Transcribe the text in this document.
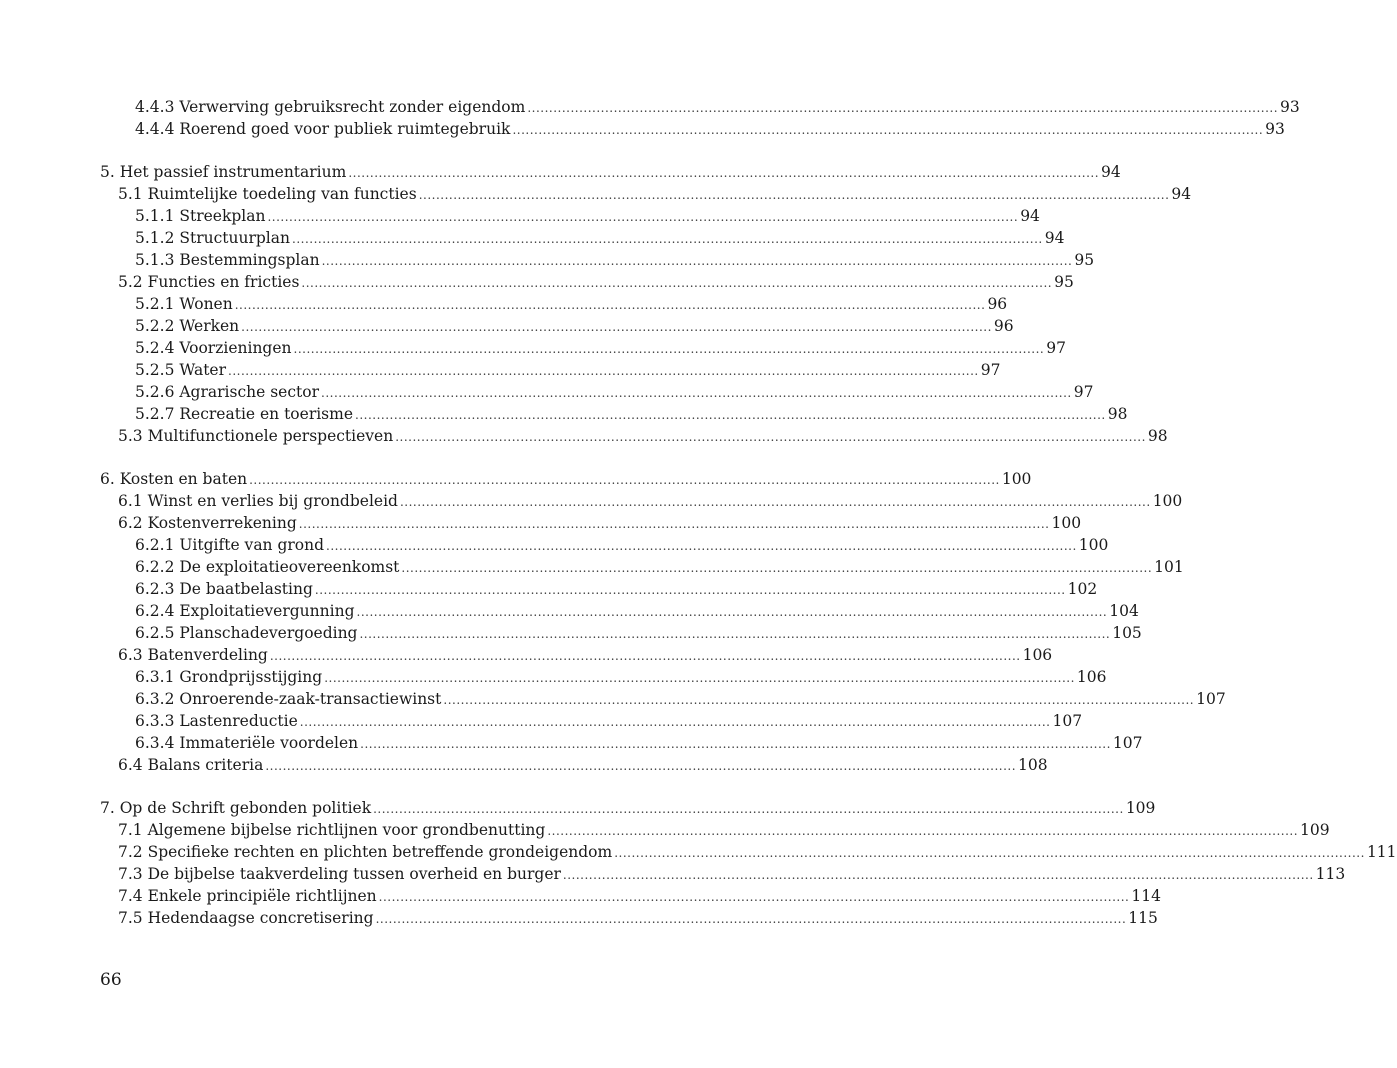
4.4.3 Verwerving gebruiksrecht zonder eigendom .....	93
4.4.4 Roerend goed voor publiek ruimtegebruik .....	93
5. Het passief instrumentarium .....	94
5.1 Ruimtelijke toedeling van functies .....	94
5.1.1 Streekplan .....	94
5.1.2 Structuurplan .....	94
5.1.3 Bestemmingsplan .....	95
5.2 Functies en fricties .....	95
5.2.1 Wonen .....	96
5.2.2 Werken .....	96
5.2.4 Voorzieningen .....	97
5.2.5 Water .....	97
5.2.6 Agrarische sector .....	97
5.2.7 Recreatie en toerisme .....	98
5.3 Multifunctionele perspectieven .....	98
6. Kosten en baten .....	100
6.1 Winst en verlies bij grondbeleid .....	100
6.2 Kostenverrekening .....	100
6.2.1 Uitgifte van grond .....	100
6.2.2 De exploitatieovereenkomst .....	101
6.2.3 De baatbelasting .....	102
6.2.4 Exploitatievergunning .....	104
6.2.5 Planschadevergoeding .....	105
6.3 Batenverdeling .....	106
6.3.1 Grondprijsstijging .....	106
6.3.2 Onroerende-zaak-transactiewinst .....	107
6.3.3 Lastenreductie .....	107
6.3.4 Immateriële voordelen .....	107
6.4 Balans criteria .....	108
7. Op de Schrift gebonden politiek .....	109
7.1 Algemene bijbelse richtlijnen voor grondbenutting .....	109
7.2 Specifieke rechten en plichten betreffende grondeigendom .....	111
7.3 De bijbelse taakverdeling tussen overheid en burger .....	113
7.4 Enkele principiële richtlijnen .....	114
7.5 Hedendaagse concretisering .....	115
66
